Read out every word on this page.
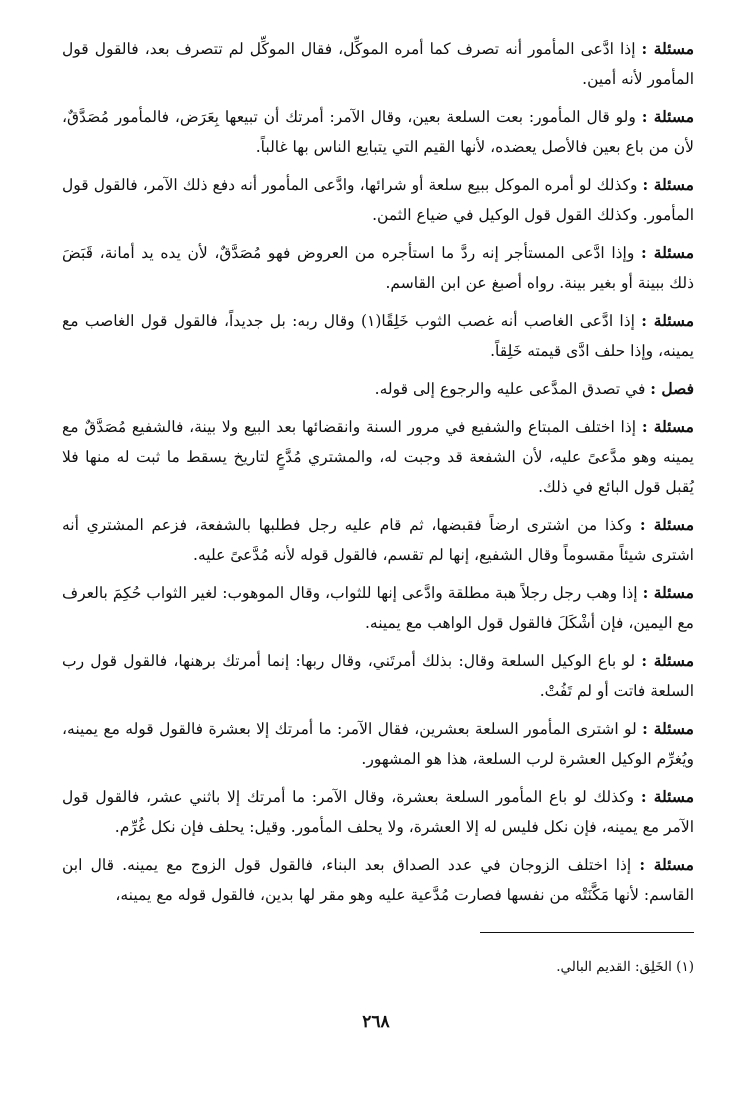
مسئلة : إذا ادَّعى المأمور أنه تصرف كما أمره الموكِّل، فقال الموكِّل لم تتصرف بعد، فالقول قول المأمور لأنه أمين.

مسئلة : ولو قال المأمور: بعت السلعة بعين، وقال الآمر: أمرتك أن تبيعها بِعَرَض، فالمأمور مُصَدَّقٌ، لأن من باع بعين فالأصل يعضده، لأنها القيم التي يتبايع الناس بها غالباً.

مسئلة : وكذلك لو أمره الموكل ببيع سلعة أو شرائها، وادَّعى المأمور أنه دفع ذلك الآمر، فالقول قول المأمور. وكذلك القول قول الوكيل في ضياع الثمن.

مسئلة : وإذا ادَّعى المستأجر إنه ردَّ ما استأجره من العروض فهو مُصَدَّقٌ، لأن يده يد أمانة، قَبَضَ ذلك ببينة أو بغير بينة. رواه أصبغ عن ابن القاسم.

مسئلة : إذا ادَّعى الغاصب أنه غصب الثوب خَلِقًا(١) وقال ربه: بل جديداً، فالقول قول الغاصب مع يمينه، وإذا حلف ادَّى قيمته خَلِقاً.

فصل : في تصدق المدَّعى عليه والرجوع إلى قوله.

مسئلة : إذا اختلف المبتاع والشفيع في مرور السنة وانقضائها بعد البيع ولا بينة، فالشفيع مُصَدَّقٌ مع يمينه وهو مدَّعىً عليه، لأن الشفعة قد وجبت له، والمشتري مُدَّعٍ لتاريخ يسقط ما ثبت له منها فلا يُقبل قول البائع في ذلك.

مسئلة : وكذا من اشترى ارضاً فقبضها، ثم قام عليه رجل فطلبها بالشفعة، فزعم المشتري أنه اشترى شيئاً مقسوماً وقال الشفيع، إنها لم تقسم، فالقول قوله لأنه مُدَّعىً عليه.

مسئلة : إذا وهب رجل رجلاً هبة مطلقة وادَّعى إنها للثواب، وقال الموهوب: لغير الثواب حُكِمَ بالعرف مع اليمين، فإن أشْكَلَ فالقول قول الواهب مع يمينه.

مسئلة : لو باع الوكيل السلعة وقال: بذلك أمرتَني، وقال ربها: إنما أمرتك برهنها، فالقول قول رب السلعة فاتت أو لم تَفُتْ.

مسئلة : لو اشترى المأمور السلعة بعشرين، فقال الآمر: ما أمرتك إلا بعشرة فالقول قوله مع يمينه، ويُغرِّم الوكيل العشرة لرب السلعة، هذا هو المشهور.

مسئلة : وكذلك لو باع المأمور السلعة بعشرة، وقال الآمر: ما أمرتك إلا باثني عشر، فالقول قول الآمر مع يمينه، فإن نكل فليس له إلا العشرة، ولا يحلف المأمور. وقيل: يحلف فإن نكل غُرِّم.

مسئلة : إذا اختلف الزوجان في عدد الصداق بعد البناء، فالقول قول الزوج مع يمينه. قال ابن القاسم: لأنها مَكَّنَتْه من نفسها فصارت مُدَّعية عليه وهو مقر لها بدين، فالقول قوله مع يمينه،

(١) الخَلِق: القديم البالي.
٢٦٨
